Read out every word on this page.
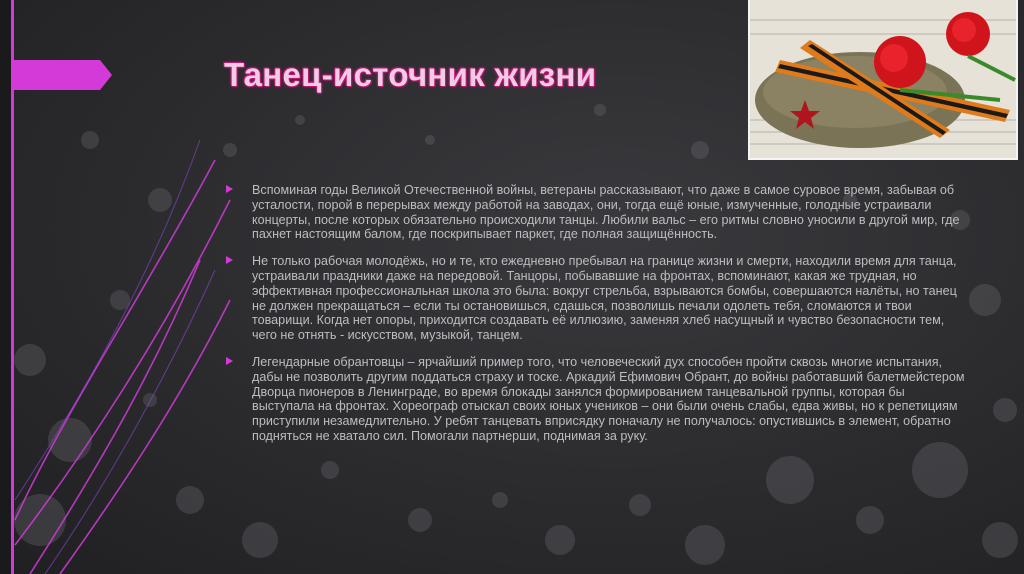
Танец-источник жизни
Вспоминая годы Великой Отечественной войны, ветераны рассказывают, что даже в самое суровое время, забывая об усталости, порой в перерывах между работой на заводах, они, тогда ещё юные, измученные, голодные устраивали концерты, после которых обязательно происходили танцы. Любили вальс – его ритмы словно уносили в другой мир, где пахнет настоящим балом, где поскрипывает паркет, где полная защищённость.
Не только рабочая молодёжь, но и те, кто ежедневно пребывал на границе жизни и смерти, находили время для танца, устраивали праздники даже на передовой. Танцоры, побывавшие на фронтах, вспоминают, какая же трудная, но эффективная профессиональная школа это была: вокруг стрельба, взрываются бомбы, совершаются налёты, но танец не должен прекращаться – если ты остановишься, сдашься, позволишь печали одолеть тебя, сломаются и твои товарищи. Когда нет опоры, приходится создавать её иллюзию, заменяя хлеб насущный и чувство безопасности тем, чего не отнять - искусством, музыкой, танцем.
Легендарные обрантовцы – ярчайший пример того, что человеческий дух способен пройти сквозь многие испытания, дабы не позволить другим поддаться страху и тоске. Аркадий Ефимович Обрант, до войны работавший балетмейстером Дворца пионеров в Ленинграде, во время блокады занялся формированием танцевальной группы, которая бы выступала на фронтах. Хореограф отыскал своих юных учеников – они были очень слабы, едва живы, но к репетициям приступили незамедлительно. У ребят танцевать вприсядку поначалу не получалось: опустившись в элемент, обратно подняться не хватало сил. Помогали партнерши, поднимая за руку.
